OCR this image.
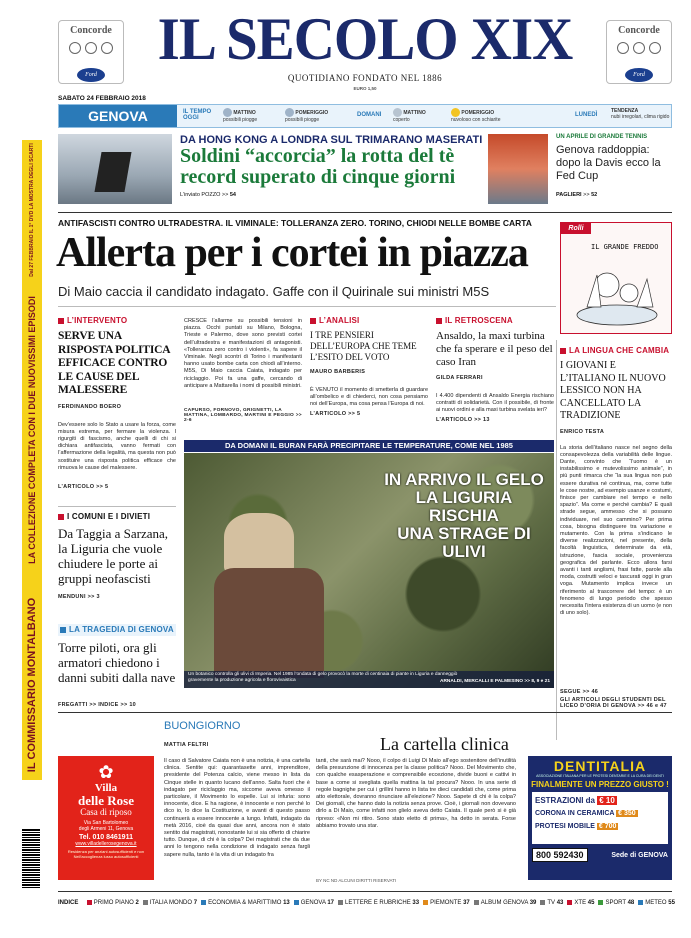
Concorde
Ford
Concorde
Ford
IL SECOLO XIX
QUOTIDIANO FONDATO NEL 1886
EURO 1,50
SABATO 24 FEBBRAIO 2018
GENOVA	IL TEMPO OGGI
MATTINO
possibili piogge
POMERIGGIO
possibili piogge
DOMANI	MATTINO
coperto
POMERIGGIO
nuvoloso con schiarite
LUNEDÌ
TENDENZA
nubi irregolari, clima rigido
LA COLLEZIONE COMPLETA CON I DUE NUOVISSIMI EPISODI
Dal 27 FEBBRAIO IL 1° DVD LA MOSTRA DEGLI SCARTI
IL COMMISSARIO MONTALBANO
DA HONG KONG A LONDRA SUL TRIMARANO MASERATI
Soldini “accorcia” la rotta del tè record superato di cinque giorni
L’inviato POZZO >> 54
UN APRILE DI GRANDE TENNIS
Genova raddoppia: dopo la Davis ecco la Fed Cup
PAGLIERI >> 52
ANTIFASCISTI CONTRO ULTRADESTRA. IL VIMINALE: TOLLERANZA ZERO. TORINO, CHIODI NELLE BOMBE CARTA
Allerta per i cortei in piazza
Di Maio caccia il candidato indagato. Gaffe con il Quirinale sui ministri M5S
Rolli
IL GRANDE FREDDO
L’INTERVENTO
SERVE UNA RISPOSTA POLITICA EFFICACE CONTRO LE CAUSE DEL MALESSERE
FERDINANDO BOERO
Dev’essere solo lo Stato a usare la forza, come misura estrema, per fermare la violenza. I rigurgiti di fascismo, anche quelli di chi si dichiara antifascista, vanno fermati con l’affermazione della legalità, ma questa non può sostituire una risposta politica efficace che rimuova le cause del malessere.
L’ARTICOLO >> 5
CRESCE l’allarme su possibili tensioni in piazza. Occhi puntati su Milano, Bologna, Trieste e Palermo, dove sono previsti cortei dell’ultradestra e manifestazioni di antagonisti. «Tolleranza zero contro i violenti», fa sapere il Viminale. Negli scontri di Torino i manifestanti hanno usato bombe carta con chiodi all’interno. M5S, Di Maio caccia Caiata, indagato per riciclaggio. Poi fa una gaffe, cercando di anticipare a Mattarella i nomi di possibili ministri.
CAPURSO, FORNOVO, GRIGNETTI, LA MATTINA, LOMBARDO, MARTINI E PEGGIO >> 2-6
L’ANALISI
I TRE PENSIERI DELL’EUROPA CHE TEME L’ESITO DEL VOTO
MAURO BARBERIS
È VENUTO il momento di smetterla di guardare all’ombelico e di chiederci, non cosa pensiamo noi dell’Europa, ma cosa pensa l’Europa di noi.
L’ARTICOLO >> 5
IL RETROSCENA
Ansaldo, la maxi turbina che fa sperare e il peso del caso Iran
GILDA FERRARI
I 4.400 dipendenti di Ansaldo Energia rischiano contratti di solidarietà. Con il possibile, di fronte ai nuovi ordini e alla maxi turbina svelata ieri?
L’ARTICOLO >> 13
LA LINGUA CHE CAMBIA
I GIOVANI E L’ITALIANO IL NUOVO LESSICO NON HA CANCELLATO LA TRADIZIONE
ENRICO TESTA
La storia dell’italiano nasce nel segno della consapevolezza della variabilità delle lingue. Dante, convinto che “l’uomo è un instabilissimo e mutevolissimo animale”, in più punti rimarca che “la sua lingua non può essere durativa né continua, ma, come tutte le cose nostre, ad esempio usanze e costumi, finisce per cambiare nel tempo e nello spazio”. Ma come e perché cambia? E quali strade segue, ammesso che si possano individuare, nel suo cammino? Per prima cosa, bisogna distinguere tra variazione e mutamento. Con la prima s’indicano le diverse realizzazioni, nel presente, della facoltà linguistica, determinate da età, istruzione, fascia sociale, provenienza geografica del parlante. Ecco allora farsi avanti i tanti anglismi, frasi fatte, parole alla moda, costrutti veloci e tascurati oggi in gran voga. Mutamento implica invece un riferimento al trascorrere del tempo: è un fenomeno di lungo periodo che spesso necessita l’intera esistenza di un uomo (e non di uno solo).
SEGUE >> 46
GLI ARTICOLI DEGLI STUDENTI DEL LICEO D’ORIA DI GENOVA >> 46 e 47
I COMUNI E I DIVIETI
Da Taggia a Sarzana, la Liguria che vuole chiudere le porte ai gruppi neofascisti
MENDUNI >> 3
LA TRAGEDIA DI GENOVA
Torre piloti, ora gli armatori chiedono i danni subiti dalla nave
FREGATTI >> INDICE >> 10
DA DOMANI IL BURAN FARÀ PRECIPITARE LE TEMPERATURE, COME NEL 1985
IN ARRIVO IL GELO
LA LIGURIA RISCHIA
UNA STRAGE DI ULIVI
Un botanico controlla gli ulivi di Imperia. Nel 1985 l’ondata di gelo provocò la morte di centinaia di piante in Liguria e danneggiò gravemente la produzione agricola e florovivaistica	ARNALDI, MERCALLI E PALMESINO >> 8, 9 e 21
BUONGIORNO
MATTIA FELTRI	La cartella clinica
Il caso di Salvatore Caiata non è una notizia, è una cartella clinica. Sentite qui: quarantasette anni, imprenditore, presidente del Potenza calcio, viene messo in lista da Cinque stelle in quanto lucano dell’anno. Salta fuori che è indagato per riciclaggio ma, siccome aveva omesso il particolare, il Movimento lo espelle. Lui si infuria: sono innocente, dice. E ha ragione, è innocente e non perché lo dico io, lo dice la Costituzione, e avanti di questo passo continuerà a essere innocente a lungo. Infatti, indagato da metà 2016, cioè da quasi due anni, ancora non è stato sentito dai magistrati, nonostante lui si sia offerto di chiarire tutto. Dunque, di chi è la colpa? Dei magistrati che da due anni lo tengono nella condizione di indagato senza fargli sapere nulla, tanto è la vita di un indagato fra
tanti, che sarà mai? Nooo, il colpo di Luigi Di Maio all’ego sostenitore dell’inutilità della presunzione di innocenza per la classe politica? Nooo. Del Movimento che, con qualche esasperazione e comprensibile eccezione, divide buoni e cattivi in base a come si svegliata quella mattina la tal procura? Nooo. In una serie di regole bagnighe per cui i grillini hanno in lista tre dieci candidati che, come prima atto elettorale, dovranno rinunciare all’elezione? Nooo. Sapete di chi è la colpa? Dei giornali, che hanno dato la notizia senza prove. Cioè, i giornali non dovevano dirlo a Di Maio, come infatti non glielo aveva detto Caiata. Il quale però si è già ripreso: «Non mi ritiro. Sono stato eletto di prima», ha detto in serata. Forse abbiamo trovato una star.
BY NC ND ALCUNI DIRITTI RISERVATI
✿
Villa
delle Rose
Casa di riposo
Via San Bartolomeo
degli Armeni 11, Genova
Tel. 010 8461911
www.villadellerosegenova.it
Residenza per anziani autosufficienti e non
Nell’accoglienza lusso autosufficienti
DENTITALIA
ASSOCIAZIONE ITALIANA PER LE PROTESI DENTARIE E LA CURA DEI DENTI
FINALMENTE UN PREZZO GIUSTO !
ESTRAZIONI da € 10
CORONA IN CERAMICA € 350
PROTESI MOBILE € 700
800 592430	Sede di GENOVA
INDICE	PRIMO PIANO 2 ITALIA MONDO 7 ECONOMIA & MARITTIMO 13 GENOVA 17 LETTERE E RUBRICHE 33 PIEMONTE 37 ALBUM GENOVA 39 TV 43 XTE 45 SPORT 48 METEO 55
